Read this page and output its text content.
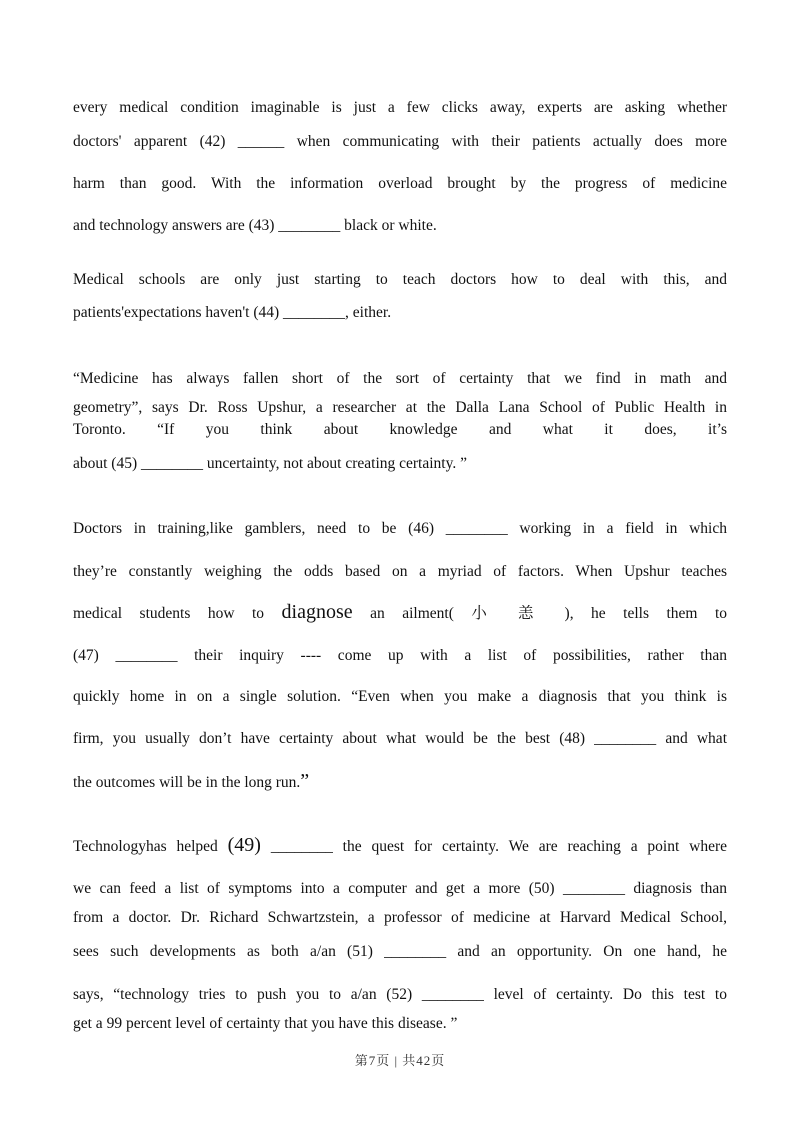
every medical condition imaginable is just a few clicks away, experts are asking whether
doctors' apparent (42) ______ when communicating with their patients actually does more
harm than good. With the information overload brought by the progress of medicine
and technology answers are (43) ________ black or white.
Medical schools are only just starting to teach doctors how to deal with this, and
patients'expectations haven't (44) ________, either.
“Medicine has always fallen short of the sort of certainty that we find in math and
geometry”, says Dr. Ross Upshur, a researcher at the Dalla Lana School of Public Health in
Toronto. “If you think about knowledge and what it does, it’s
about (45) ________ uncertainty, not about creating certainty. ”
Doctors in training,like gamblers, need to be (46) ________ working in a field in which
they’re constantly weighing the odds based on a myriad of factors. When Upshur teaches
medical students how to diagnose an ailment( 小 恙 ), he tells them to
(47) ________ their inquiry ---- come up with a list of possibilities, rather than
quickly home in on a single solution. “Even when you make a diagnosis that you think is
firm, you usually don’t have certainty about what would be the best (48) ________ and what
the outcomes will be in the long run.”
Technologyhas helped (49) ________ the quest for certainty. We are reaching a point where
we can feed a list of symptoms into a computer and get a more (50) ________ diagnosis than
from a doctor. Dr. Richard Schwartzstein, a professor of medicine at Harvard Medical School,
sees such developments as both a/an (51) ________ and an opportunity. On one hand, he
says, “technology tries to push you to a/an (52) ________ level of certainty. Do this test to
get a 99 percent level of certainty that you have this disease. ”
第7页 | 共42页
